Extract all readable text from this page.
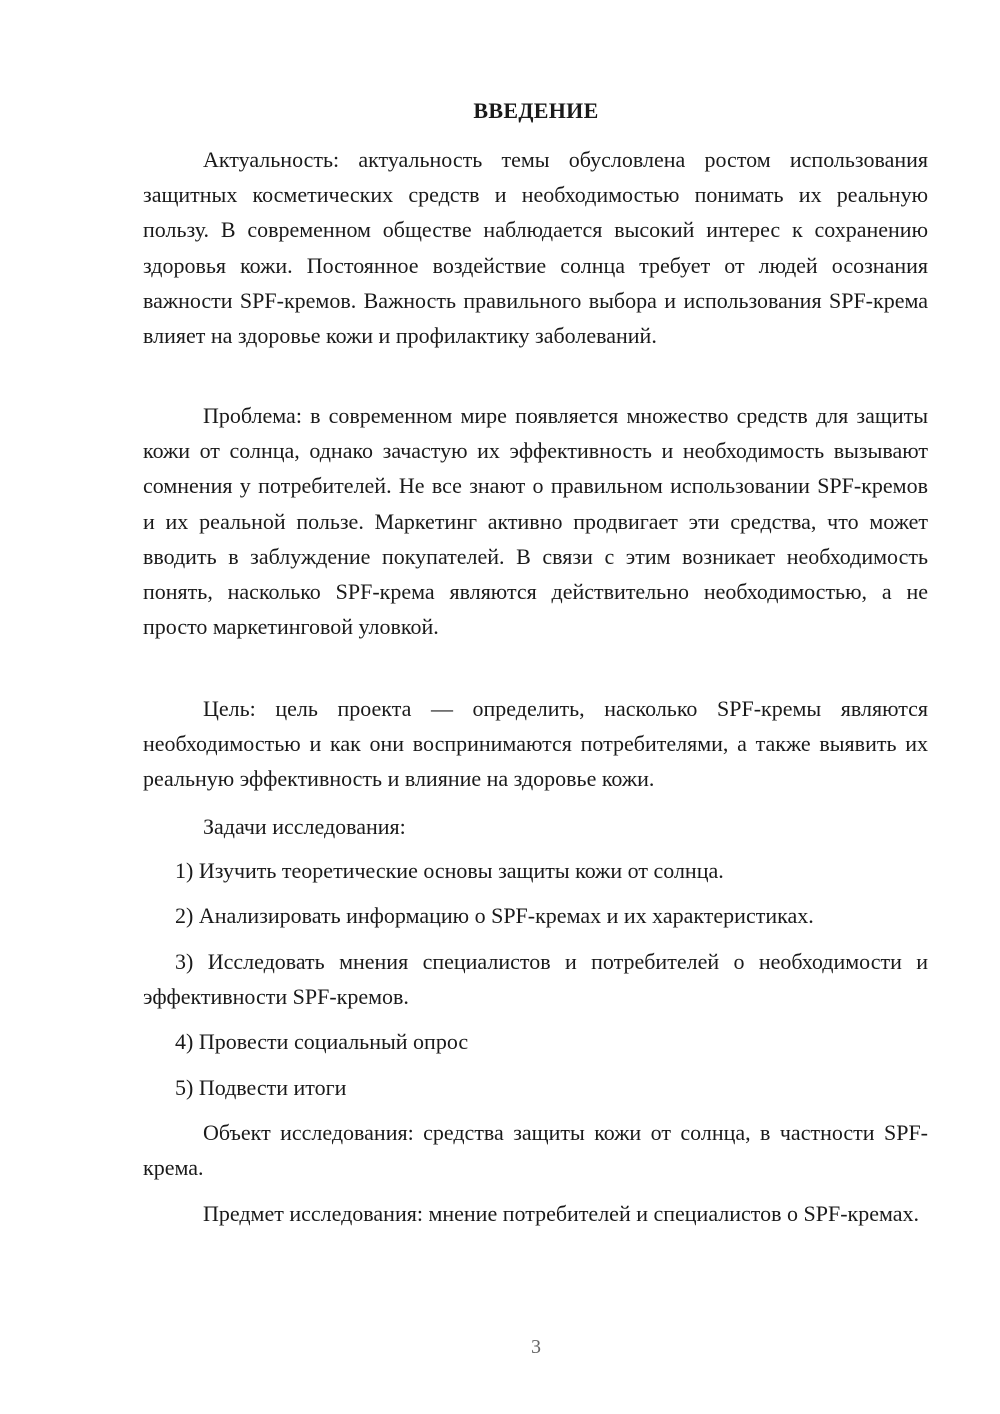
ВВЕДЕНИЕ

Актуальность: актуальность темы обусловлена ростом использования защитных косметических средств и необходимостью понимать их реальную пользу. В современном обществе наблюдается высокий интерес к сохранению здоровья кожи. Постоянное воздействие солнца требует от людей осознания важности SPF-кремов. Важность правильного выбора и использования SPF-крема влияет на здоровье кожи и профилактику заболеваний.

Проблема: в современном мире появляется множество средств для защиты кожи от солнца, однако зачастую их эффективность и необходимость вызывают сомнения у потребителей. Не все знают о правильном использовании SPF-кремов и их реальной пользе. Маркетинг активно продвигает эти средства, что может вводить в заблуждение покупателей. В связи с этим возникает необходимость понять, насколько SPF-крема являются действительно необходимостью, а не просто маркетинговой уловкой.

Цель: цель проекта — определить, насколько SPF-кремы являются необходимостью и как они воспринимаются потребителями, а также выявить их реальную эффективность и влияние на здоровье кожи.

Задачи исследования:

1) Изучить теоретические основы защиты кожи от солнца.

2) Анализировать информацию о SPF-кремах и их характеристиках.

3) Исследовать мнения специалистов и потребителей о необходимости и эффективности SPF-кремов.

4) Провести социальный опрос

5) Подвести итоги

Объект исследования: средства защиты кожи от солнца, в частности SPF-крема.

Предмет исследования: мнение потребителей и специалистов о SPF-кремах.

3
